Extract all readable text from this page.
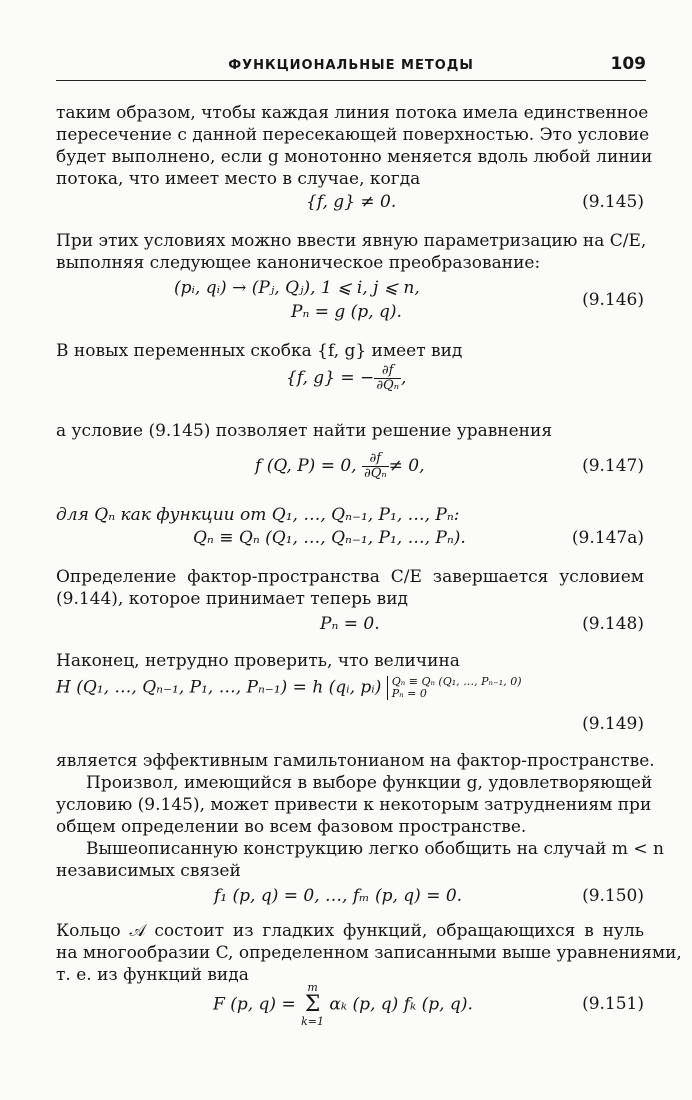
ФУНКЦИОНАЛЬНЫЕ МЕТОДЫ	109
таким образом, чтобы каждая линия потока имела единственное
пересечение с данной пересекающей поверхностью. Это условие
будет выполнено, если g монотонно меняется вдоль любой линии
потока, что имеет место в случае, когда
{f, g} ≠ 0.	(9.145)
При этих условиях можно ввести явную параметризацию на C/E,
выполняя следующее каноническое преобразование:
(pᵢ, qᵢ) → (Pⱼ, Qⱼ), 1 ⩽ i, j ⩽ n,
Pₙ = g (p, q).
(9.146)
В новых переменных скобка {f, g} имеет вид
{f, g} = − $\frac{\partial f}{\text{∂Qₙ}}$ ,
а условие (9.145) позволяет найти решение уравнения
f (Q, P) = 0, $\frac{\partial f}{\text{∂Qₙ}} \ne 0$,	(9.147)
для Qₙ как функции от Q₁, …, Qₙ₋₁, P₁, …, Pₙ:
Qₙ ≡ Qₙ (Q₁, …, Qₙ₋₁, P₁, …, Pₙ).	(9.147a)
Определение фактор-пространства C/E завершается условием
(9.144), которое принимает теперь вид
Pₙ = 0.	(9.148)
Наконец, нетрудно проверить, что величина
H (Q₁, …, Qₙ₋₁, P₁, …, Pₙ₋₁) = h (qᵢ, pᵢ) Qₙ ≡ Qₙ (Q₁, …, Pₙ₋₁, 0)
Pₙ = 0
(9.149)
является эффективным гамильтонианом на фактор-пространстве.
Произвол, имеющийся в выборе функции g, удовлетворяющей
условию (9.145), может привести к некоторым затруднениям при
общем определении во всем фазовом пространстве.
Вышеописанную конструкцию легко обобщить на случай m < n
независимых связей
f₁ (p, q) = 0, …, fₘ (p, q) = 0.	(9.150)
Кольцо 𝒜 состоит из гладких функций, обращающихся в нуль
на многообразии C, определенном записанными выше уравнениями,
т. е. из функций вида
F (p, q) =
m
Σ
k=1
αₖ (p, q) fₖ (p, q).	(9.151)
